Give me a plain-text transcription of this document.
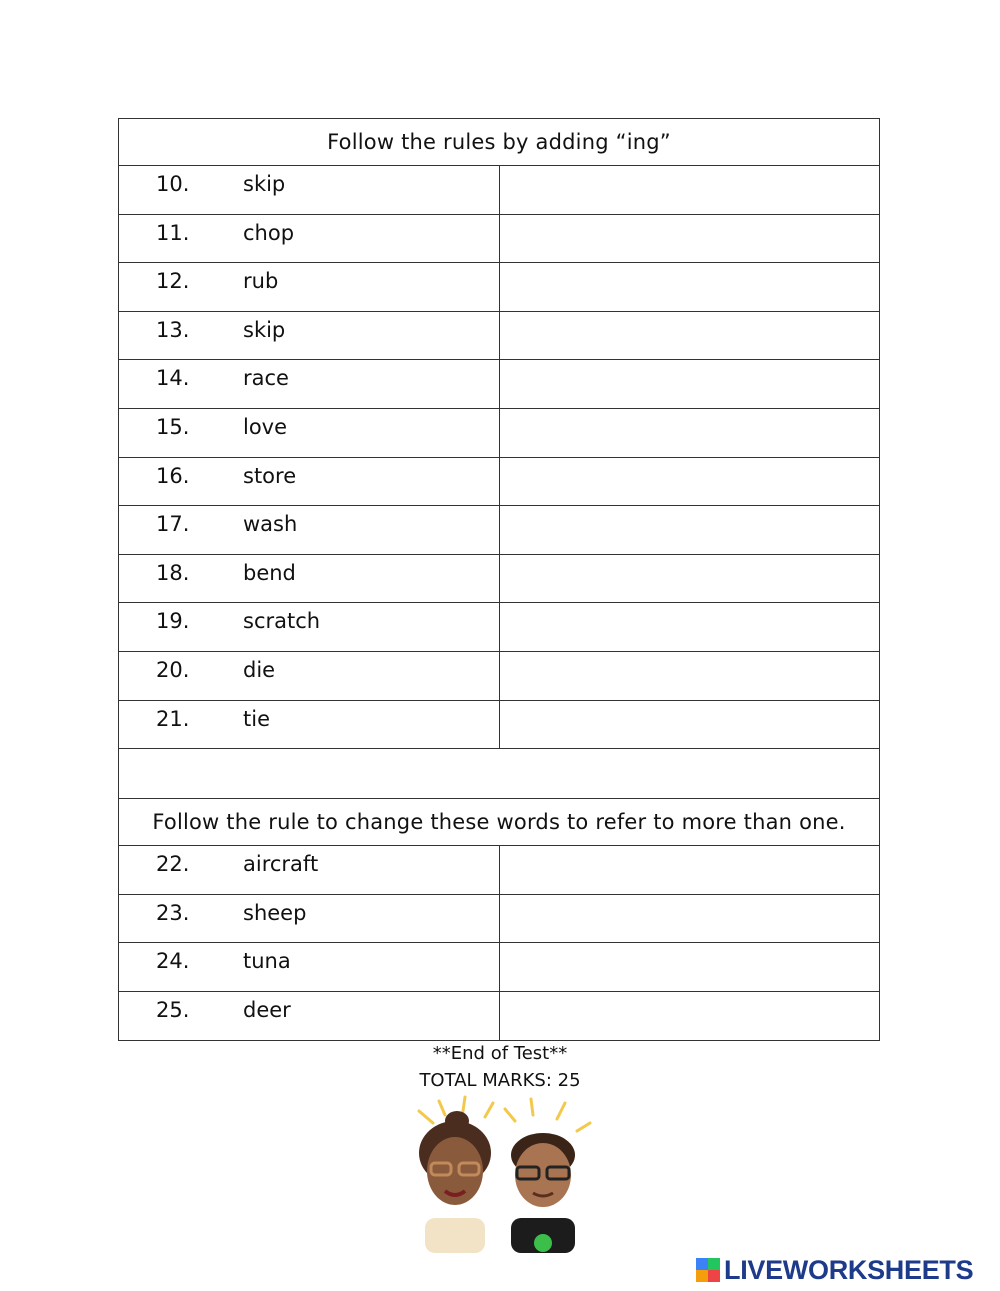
Follow the rules by adding “ing”
10.	skip
11.	chop
12.	rub
13.	skip
14.	race
15.	love
16.	store
17.	wash
18.	bend
19.	scratch
20.	die
21.	tie
Follow the rule to change these words to refer to more than one.
22.	aircraft
23.	sheep
24.	tuna
25.	deer
**End of Test**
TOTAL MARKS: 25
LIVEWORKSHEETS
